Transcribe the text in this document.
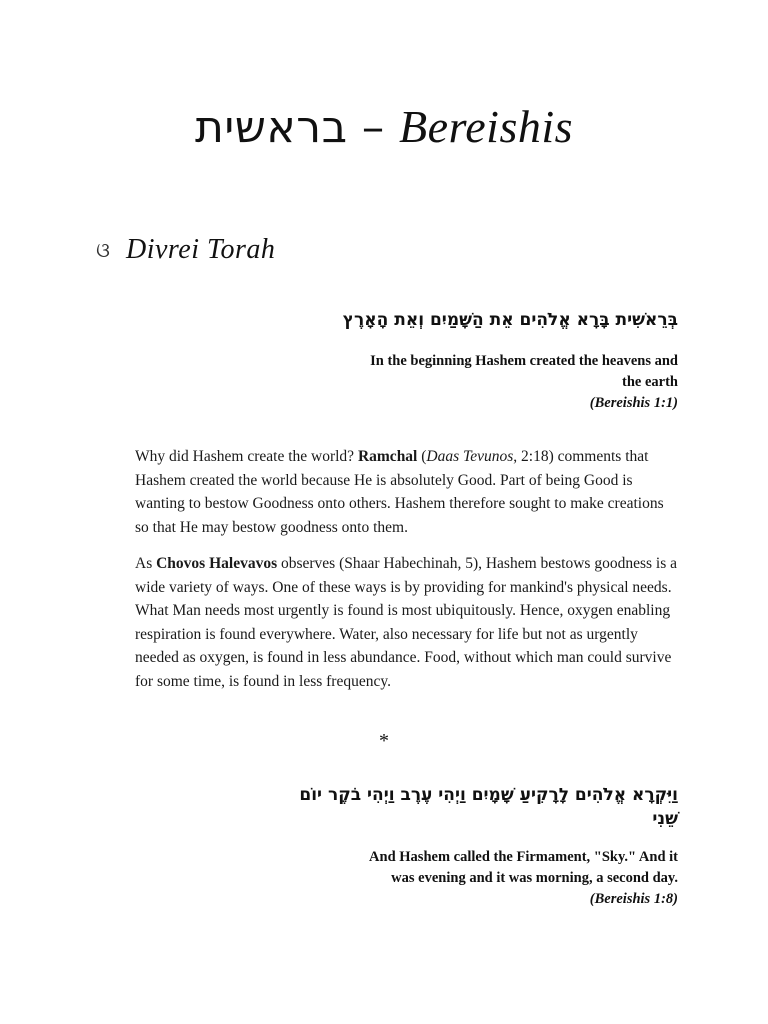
בראשית – Bereishis
ଓ Divrei Torah
בְּרֵאשִׁית בָּרָא אֱלֹהִים אֵת הַשָּׁמַיִם וְאֵת הָאָרֶץ
In the beginning Hashem created the heavens and
the earth
(Bereishis 1:1)
Why did Hashem create the world? Ramchal (Daas Tevunos, 2:18) comments that Hashem created the world because He is absolutely Good. Part of being Good is wanting to bestow Goodness onto others. Hashem therefore sought to make creations so that He may bestow goodness onto them.
As Chovos Halevavos observes (Shaar Habechinah, 5), Hashem bestows goodness is a wide variety of ways. One of these ways is by providing for mankind's physical needs. What Man needs most urgently is found is most ubiquitously. Hence, oxygen enabling respiration is found everywhere. Water, also necessary for life but not as urgently needed as oxygen, is found in less abundance. Food, without which man could survive for some time, is found in less frequency.
*
וַיִּקְרָא אֱלֹהִים לָרָקִיעַ שָׁמָיִם וַיְהִי עֶרֶב וַיְהִי בֹקֶר יוֹם
שֵׁנִי
And Hashem called the Firmament, "Sky." And it
was evening and it was morning, a second day.
(Bereishis 1:8)
